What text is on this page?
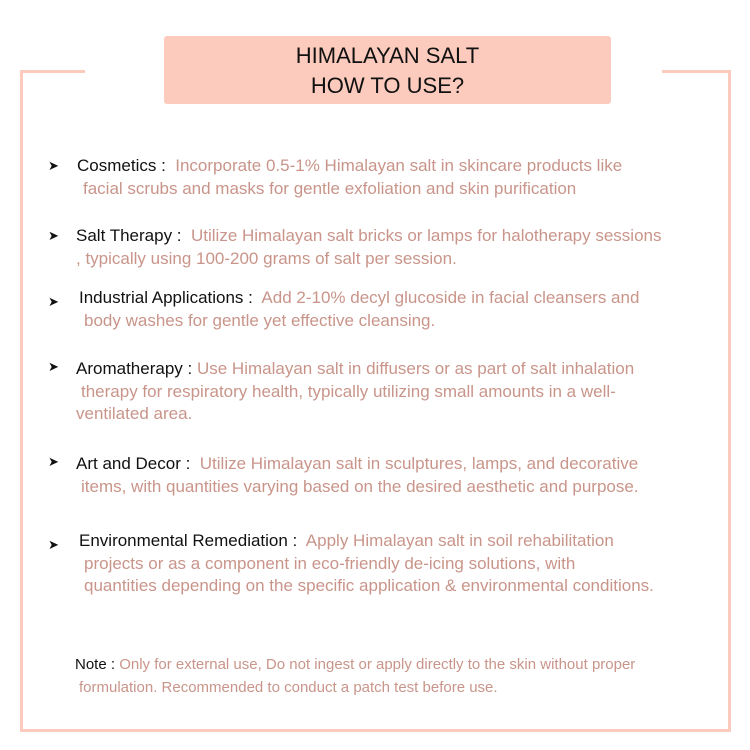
HIMALAYAN SALT
HOW TO USE?
➤	Cosmetics : Incorporate 0.5-1% Himalayan salt in skincare products like
facial scrubs and masks for gentle exfoliation and skin purification
➤	Salt Therapy : Utilize Himalayan salt bricks or lamps for halotherapy sessions
, typically using 100-200 grams of salt per session.
➤	Industrial Applications : Add 2-10% decyl glucoside in facial cleansers and
body washes for gentle yet effective cleansing.
➤	Aromatherapy : Use Himalayan salt in diffusers or as part of salt inhalation
therapy for respiratory health, typically utilizing small amounts in a well-
ventilated area.
➤	Art and Decor : Utilize Himalayan salt in sculptures, lamps, and decorative
items, with quantities varying based on the desired aesthetic and purpose.
➤	Environmental Remediation : Apply Himalayan salt in soil rehabilitation
projects or as a component in eco-friendly de-icing solutions, with
quantities depending on the specific application & environmental conditions.
Note : Only for external use, Do not ingest or apply directly to the skin without proper
formulation. Recommended to conduct a patch test before use.
